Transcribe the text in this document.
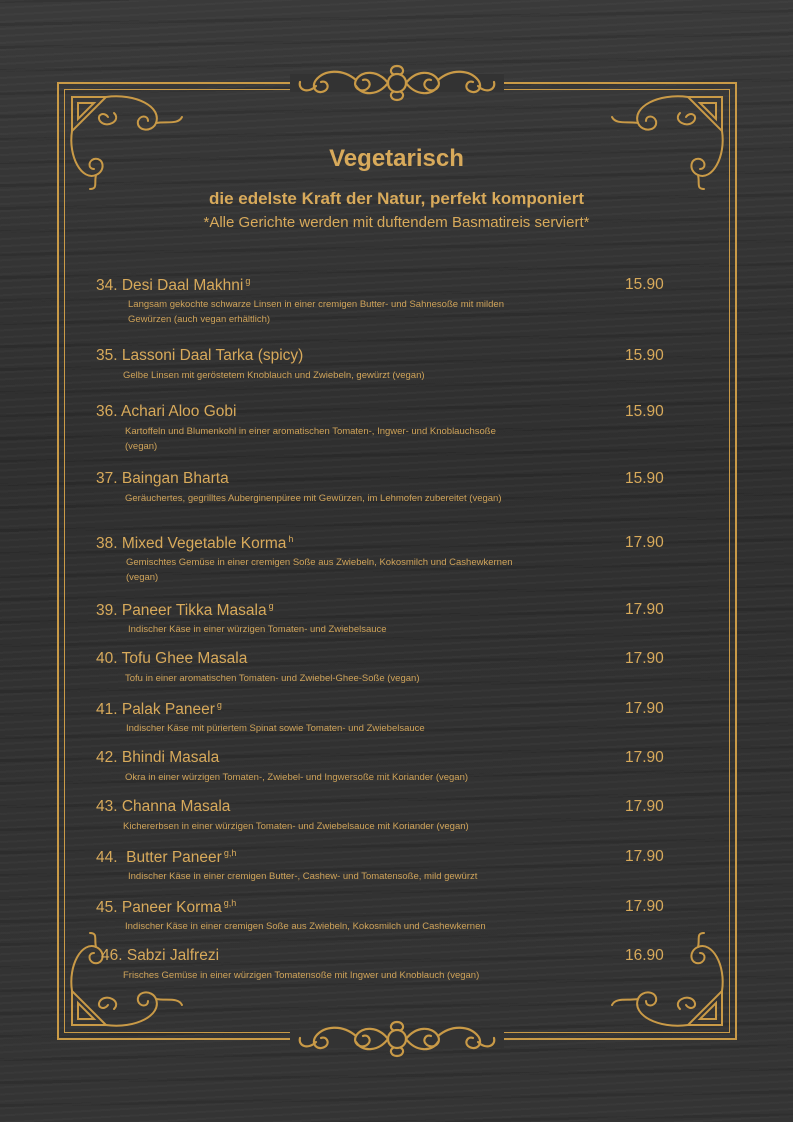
Vegetarisch
die edelste Kraft der Natur, perfekt komponiert
*Alle Gerichte werden mit duftendem Basmatireis serviert*
34. Desi Daal Makhni $^g$	15.90
Langsam gekochte schwarze Linsen in einer cremigen Butter- und Sahnesoße mit milden Gewürzen (auch vegan erhältlich)
35. Lassoni Daal Tarka (spicy)	15.90
Gelbe Linsen mit geröstetem Knoblauch und Zwiebeln, gewürzt (vegan)
36. Achari Aloo Gobi	15.90
Kartoffeln und Blumenkohl in einer aromatischen Tomaten-, Ingwer- und Knoblauchsoße (vegan)
37. Baingan Bharta	15.90
Geräuchertes, gegrilltes Auberginenpüree mit Gewürzen, im Lehmofen zubereitet (vegan)
38. Mixed Vegetable Korma $^h$	17.90
Gemischtes Gemüse in einer cremigen Soße aus Zwiebeln, Kokosmilch und Cashewkernen (vegan)
39. Paneer Tikka Masala $^g$	17.90
Indischer Käse in einer würzigen Tomaten- und Zwiebelsauce
40. Tofu Ghee Masala	17.90
Tofu in einer aromatischen Tomaten- und Zwiebel-Ghee-Soße (vegan)
41. Palak Paneer $^g$	17.90
Indischer Käse mit püriertem Spinat sowie Tomaten- und Zwiebelsauce
42. Bhindi Masala	17.90
Okra in einer würzigen Tomaten-, Zwiebel- und Ingwersoße mit Koriander (vegan)
43. Channa Masala	17.90
Kichererbsen in einer würzigen Tomaten- und Zwiebelsauce mit Koriander (vegan)
44.  Butter Paneer $^{g,h}$	17.90
Indischer Käse in einer cremigen Butter-, Cashew- und Tomatensoße, mild gewürzt
45. Paneer Korma $^{g,h}$	17.90
Indischer Käse in einer cremigen Soße aus Zwiebeln, Kokosmilch und Cashewkernen
46. Sabzi Jalfrezi	16.90
Frisches Gemüse in einer würzigen Tomatensoße mit Ingwer und Knoblauch (vegan)
